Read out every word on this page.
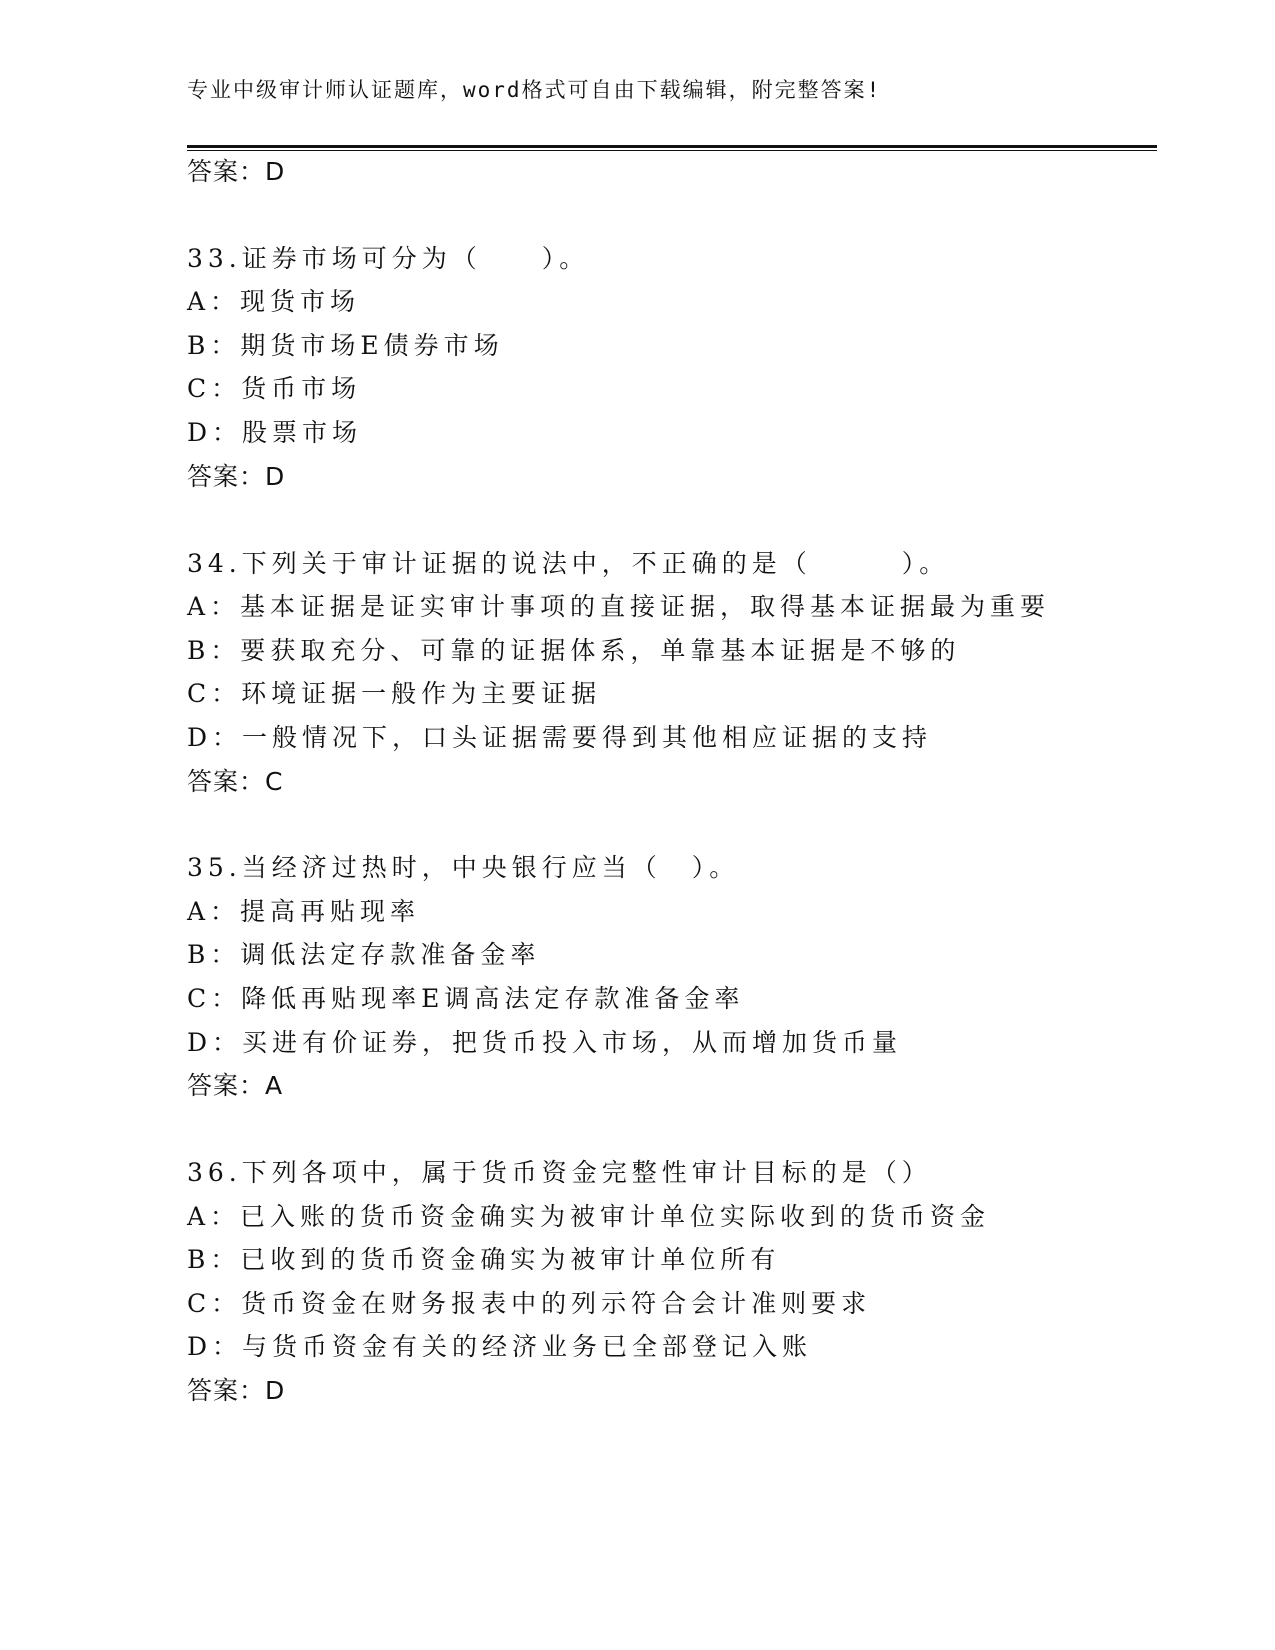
专业中级审计师认证题库，word格式可自由下载编辑，附完整答案!
答案：D
33.证券市场可分为（　　）。
A：现货市场
B：期货市场E债券市场
C：货币市场
D：股票市场
答案：D
34.下列关于审计证据的说法中，不正确的是（　　　）。
A：基本证据是证实审计事项的直接证据，取得基本证据最为重要
B：要获取充分、可靠的证据体系，单靠基本证据是不够的
C：环境证据一般作为主要证据
D：一般情况下，口头证据需要得到其他相应证据的支持
答案：C
35.当经济过热时，中央银行应当（　）。
A：提高再贴现率
B：调低法定存款准备金率
C：降低再贴现率E调高法定存款准备金率
D：买进有价证券，把货币投入市场，从而增加货币量
答案：A
36.下列各项中，属于货币资金完整性审计目标的是（）
A：已入账的货币资金确实为被审计单位实际收到的货币资金
B：已收到的货币资金确实为被审计单位所有
C：货币资金在财务报表中的列示符合会计准则要求
D：与货币资金有关的经济业务已全部登记入账
答案：D
